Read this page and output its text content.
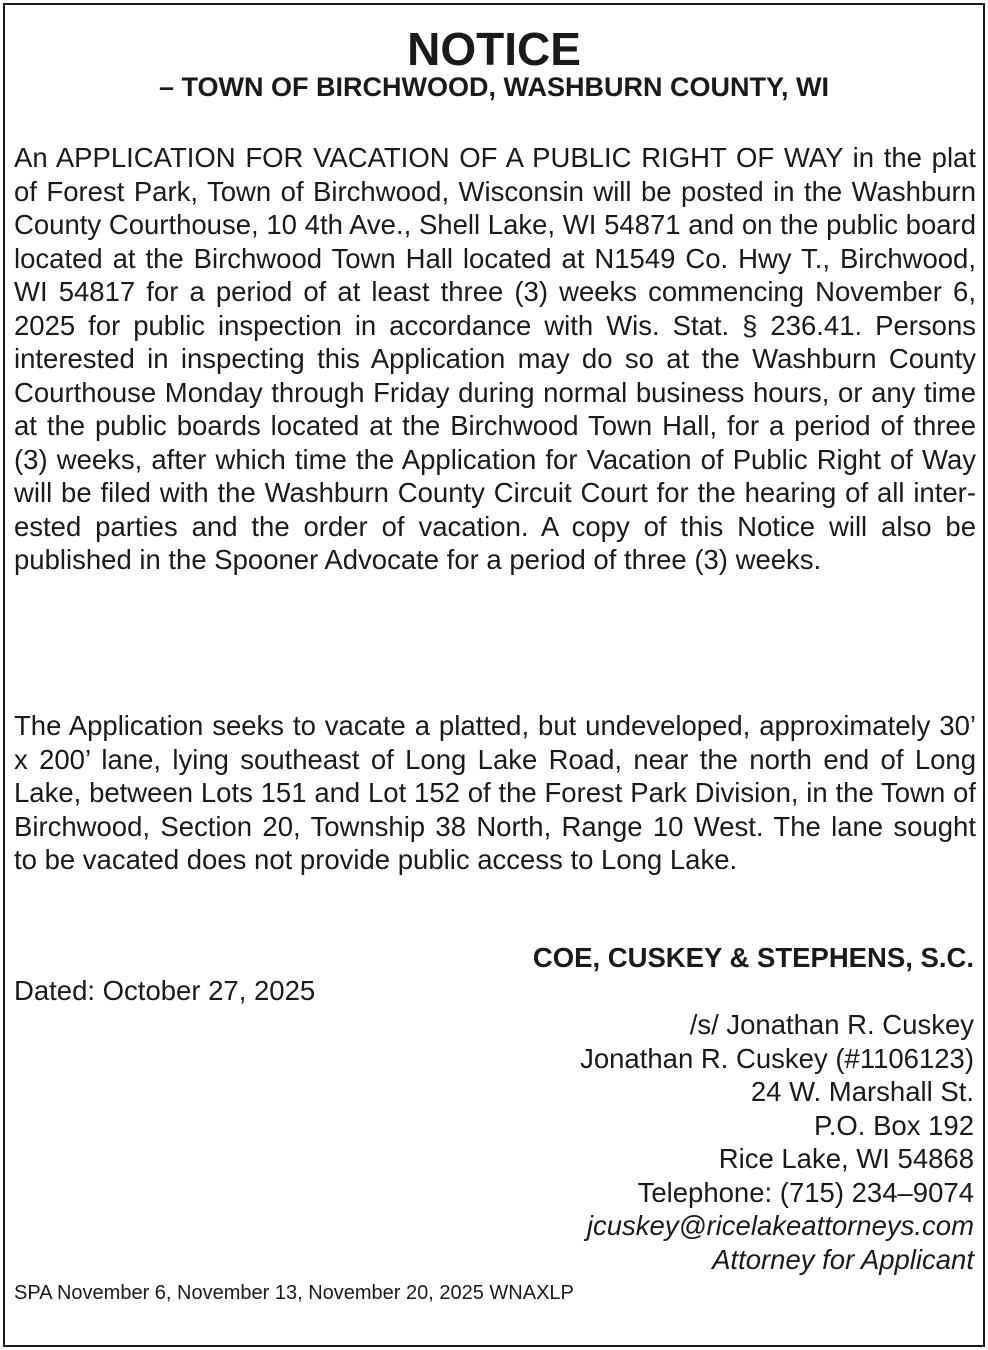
NOTICE
– TOWN OF BIRCHWOOD, WASHBURN COUNTY, WI
An APPLICATION FOR VACATION OF A PUBLIC RIGHT OF WAY in the plat of Forest Park, Town of Birchwood, Wisconsin will be posted in the Washburn County Courthouse, 10 4th Ave., Shell Lake, WI 54871 and on the public board located at the Birchwood Town Hall located at N1549 Co. Hwy T., Birchwood, WI 54817 for a period of at least three (3) weeks commencing November 6, 2025 for public inspection in accordance with Wis. Stat. § 236.41. Persons interested in inspecting this Application may do so at the Washburn County Courthouse Monday through Friday during normal business hours, or any time at the public boards located at the Birchwood Town Hall, for a period of three (3) weeks, after which time the Application for Vacation of Public Right of Way will be filed with the Washburn County Circuit Court for the hearing of all interested parties and the order of vacation. A copy of this Notice will also be published in the Spooner Advocate for a period of three (3) weeks.
The Application seeks to vacate a platted, but undeveloped, approximately 30’ x 200’ lane, lying southeast of Long Lake Road, near the north end of Long Lake, between Lots 151 and Lot 152 of the Forest Park Division, in the Town of Birchwood, Section 20, Township 38 North, Range 10 West. The lane sought to be vacated does not provide public access to Long Lake.
COE, CUSKEY & STEPHENS, S.C.
Dated: October 27, 2025
/s/ Jonathan R. Cuskey
Jonathan R. Cuskey (#1106123)
24 W. Marshall St.
P.O. Box 192
Rice Lake, WI 54868
Telephone: (715) 234–9074
jcuskey@ricelakeattorneys.com
Attorney for Applicant
SPA November 6, November 13, November 20, 2025 WNAXLP
